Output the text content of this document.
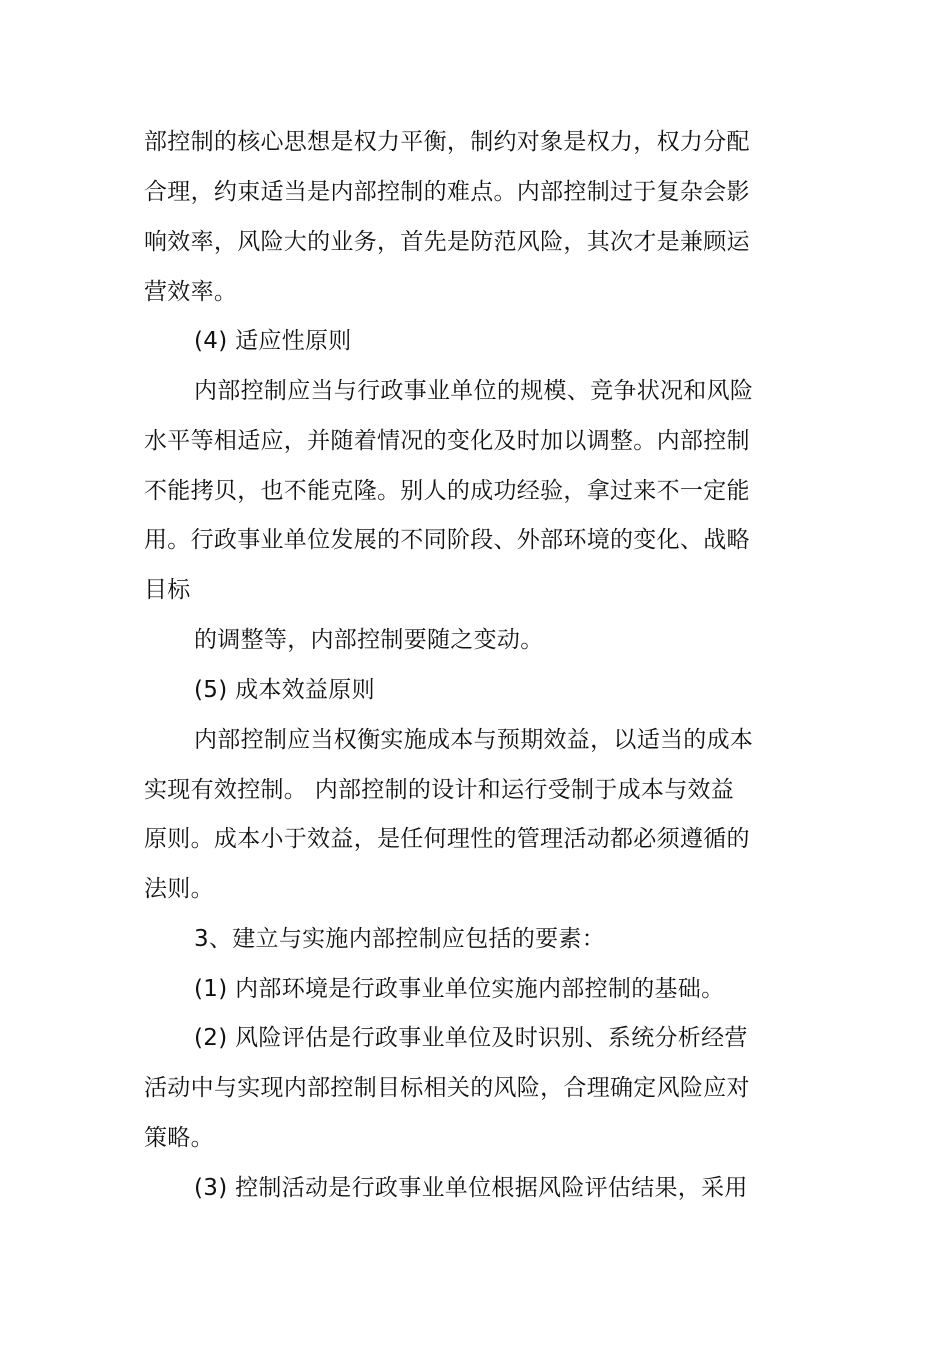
部控制的核心思想是权力平衡，制约对象是权力，权力分配
合理，约束适当是内部控制的难点。内部控制过于复杂会影
响效率，风险大的业务，首先是防范风险，其次才是兼顾运
营效率。
(4) 适应性原则
内部控制应当与行政事业单位的规模、竞争状况和风险
水平等相适应，并随着情况的变化及时加以调整。内部控制
不能拷贝，也不能克隆。别人的成功经验，拿过来不一定能
用。行政事业单位发展的不同阶段、外部环境的变化、战略
目标
的调整等，内部控制要随之变动。
(5) 成本效益原则
内部控制应当权衡实施成本与预期效益，以适当的成本
实现有效控制。 内部控制的设计和运行受制于成本与效益
原则。成本小于效益，是任何理性的管理活动都必须遵循的
法则。
3、建立与实施内部控制应包括的要素：
(1) 内部环境是行政事业单位实施内部控制的基础。
(2) 风险评估是行政事业单位及时识别、系统分析经营
活动中与实现内部控制目标相关的风险，合理确定风险应对
策略。
(3) 控制活动是行政事业单位根据风险评估结果，采用
